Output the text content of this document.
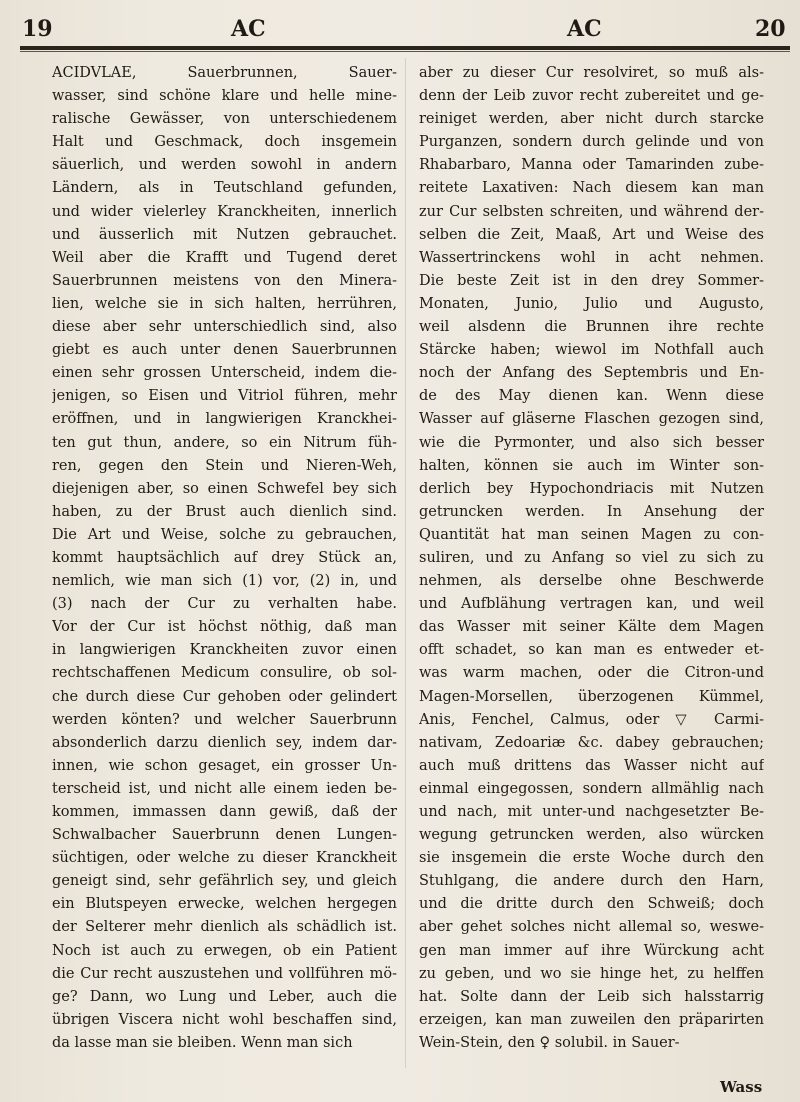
19	AC	AC	20
ACIDVLAE, Sauerbrunnen, Sauer-
wasser, sind schöne klare und helle mine-
ralische Gewässer, von unterschiedenem
Halt und Geschmack, doch insgemein
säuerlich, und werden sowohl in andern
Ländern, als in Teutschland gefunden,
und wider vielerley Kranckheiten, innerlich
und äusserlich mit Nutzen gebrauchet.
Weil aber die Krafft und Tugend deret
Sauerbrunnen meistens von den Minera-
lien, welche sie in sich halten, herrühren,
diese aber sehr unterschiedlich sind, also
giebt es auch unter denen Sauerbrunnen
einen sehr grossen Unterscheid, indem die-
jenigen, so Eisen und Vitriol führen, mehr
eröffnen, und in langwierigen Kranckhei-
ten gut thun, andere, so ein Nitrum füh-
ren, gegen den Stein und Nieren-Weh,
diejenigen aber, so einen Schwefel bey sich
haben, zu der Brust auch dienlich sind.
Die Art und Weise, solche zu gebrauchen,
kommt hauptsächlich auf drey Stück an,
nemlich, wie man sich (1) vor, (2) in, und
(3) nach der Cur zu verhalten habe.
Vor der Cur ist höchst nöthig, daß man
in langwierigen Kranckheiten zuvor einen
rechtschaffenen Medicum consulire, ob sol-
che durch diese Cur gehoben oder gelindert
werden könten? und welcher Sauerbrunn
absonderlich darzu dienlich sey, indem dar-
innen, wie schon gesaget, ein grosser Un-
terscheid ist, und nicht alle einem ieden be-
kommen, immassen dann gewiß, daß der
Schwalbacher Sauerbrunn denen Lungen-
süchtigen, oder welche zu dieser Kranckheit
geneigt sind, sehr gefährlich sey, und gleich
ein Blutspeyen erwecke, welchen hergegen
der Selterer mehr dienlich als schädlich ist.
Noch ist auch zu erwegen, ob ein Patient
die Cur recht auszustehen und vollführen mö-
ge? Dann, wo Lung und Leber, auch die
übrigen Viscera nicht wohl beschaffen sind,
da lasse man sie bleiben. Wenn man sich
aber zu dieser Cur resolviret, so muß als-
denn der Leib zuvor recht zubereitet und ge-
reiniget werden, aber nicht durch starcke
Purganzen, sondern durch gelinde und von
Rhabarbaro, Manna oder Tamarinden zube-
reitete Laxativen: Nach diesem kan man
zur Cur selbsten schreiten, und während der-
selben die Zeit, Maaß, Art und Weise des
Wassertrinckens wohl in acht nehmen.
Die beste Zeit ist in den drey Sommer-
Monaten, Junio, Julio und Augusto,
weil alsdenn die Brunnen ihre rechte
Stärcke haben; wiewol im Nothfall auch
noch der Anfang des Septembris und En-
de des May dienen kan. Wenn diese
Wasser auf gläserne Flaschen gezogen sind,
wie die Pyrmonter, und also sich besser
halten, können sie auch im Winter son-
derlich bey Hypochondriacis mit Nutzen
getruncken werden. In Ansehung der
Quantität hat man seinen Magen zu con-
suliren, und zu Anfang so viel zu sich zu
nehmen, als derselbe ohne Beschwerde
und Aufblähung vertragen kan, und weil
das Wasser mit seiner Kälte dem Magen
offt schadet, so kan man es entweder et-
was warm machen, oder die Citron-und
Magen-Morsellen, überzogenen Kümmel,
Anis, Fenchel, Calmus, oder ▽ Carmi-
nativam, Zedoariæ &c. dabey gebrauchen;
auch muß drittens das Wasser nicht auf
einmal eingegossen, sondern allmählig nach
und nach, mit unter-und nachgesetzter Be-
wegung getruncken werden, also würcken
sie insgemein die erste Woche durch den
Stuhlgang, die andere durch den Harn,
und die dritte durch den Schweiß; doch
aber gehet solches nicht allemal so, weswe-
gen man immer auf ihre Würckung acht
zu geben, und wo sie hinge het, zu helffen
hat. Solte dann der Leib sich halsstarrig
erzeigen, kan man zuweilen den präparirten
Wein-Stein, den ♀ solubil. in Sauer-
Wass
